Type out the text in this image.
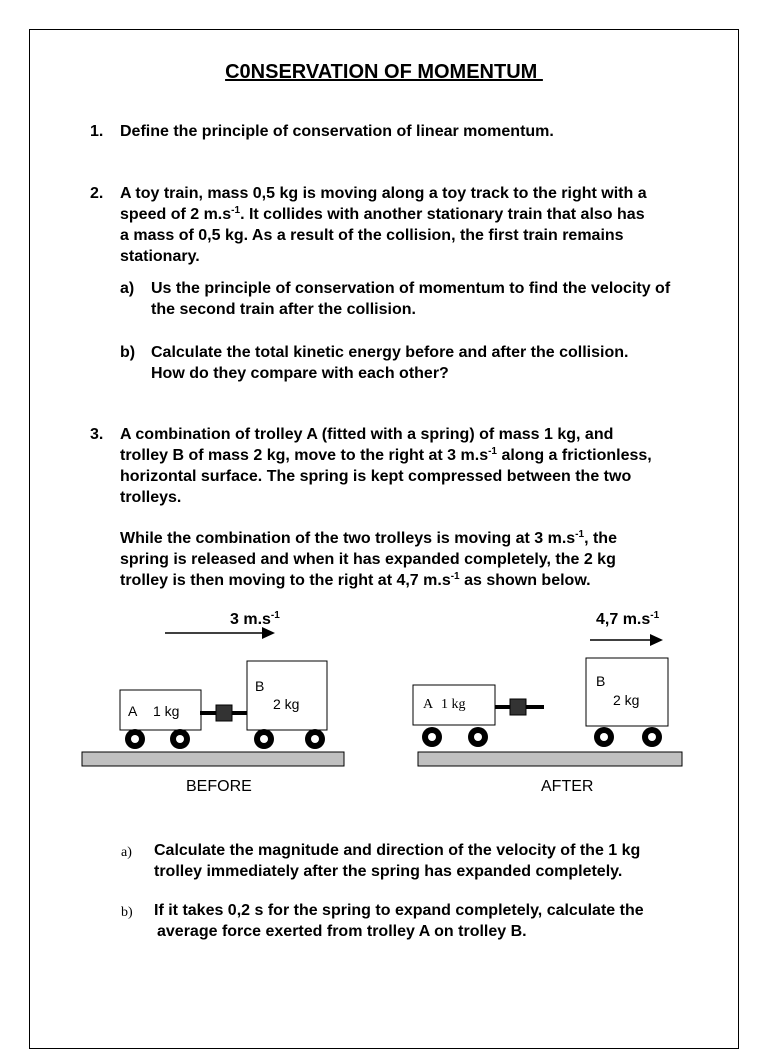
C0NSERVATION OF MOMENTUM
1. Define the principle of conservation of linear momentum.
2. A toy train, mass 0,5 kg is moving along a toy track to the right with a
speed of 2 $m.s^{-1}$. It collides with another stationary train that also has
a mass of 0,5 kg. As a result of the collision, the first train remains
stationary.
a) Us the principle of conservation of momentum to find the velocity of
the second train after the collision.
b) Calculate the total kinetic energy before and after the collision.
How do they compare with each other?
3. A combination of trolley A (fitted with a spring) of mass 1 kg, and
trolley B of mass 2 kg, move to the right at 3 $m.s^{-1}$ along a frictionless,
horizontal surface. The spring is kept compressed between the two
trolleys.
While the combination of the two trolleys is moving at 3 $m.s^{-1}$, the
spring is released and when it has expanded completely, the 2 kg
trolley is then moving to the right at 4,7 $m.s^{-1}$ as shown below.
a) Calculate the magnitude and direction of the velocity of the 1 kg
trolley immediately after the spring has expanded completely.
b) If it takes 0,2 s for the spring to expand completely, calculate the
average force exerted from trolley A on trolley B.
3 $m.s^{-1}$
A 1 kg
B
2 kg
BEFORE
4,7 $m.s^{-1}$
A 1 kg
B
2 kg
AFTER
